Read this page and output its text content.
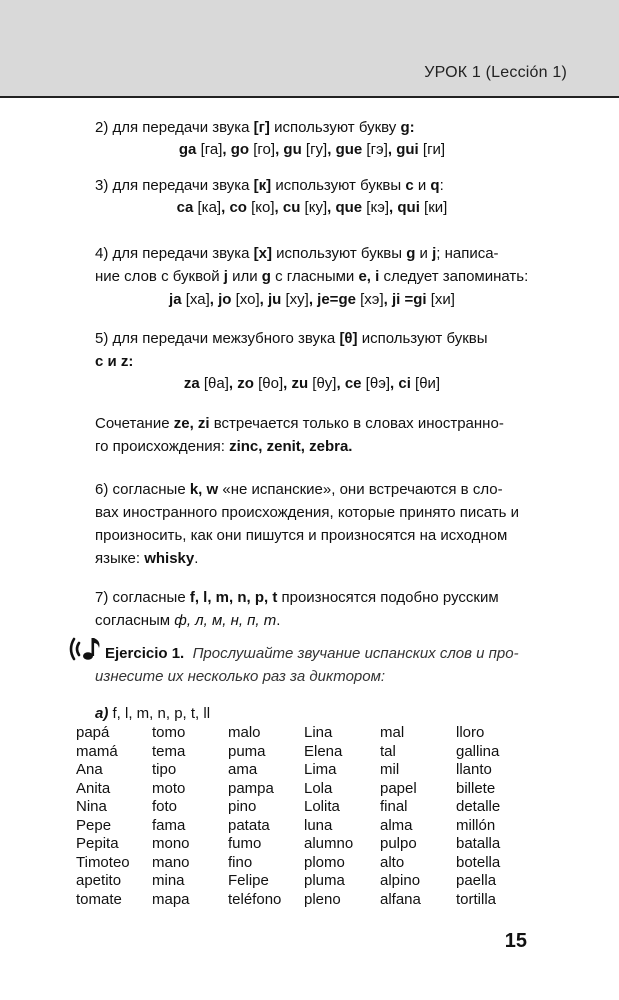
УРОК 1 (Lección 1)
2) для передачи звука [г] используют букву g:
ga [га], go [го], gu [гу], gue [гэ], gui [ги]
3) для передачи звука [к] используют буквы c и q:
ca [ка], co [ко], cu [ку], que [кэ], qui [ки]
4) для передачи звука [х] используют буквы g и j; написа-
ние слов с буквой j или g с гласными e, i следует запоминать:
ja [ха], jo [хо], ju [ху], je=ge [хэ], ji =gi [хи]
5) для передачи межзубного звука [θ] используют буквы
c и z:
za [θа], zo [θо], zu [θу], ce [θэ], ci [θи]
Сочетание ze, zi встречается только в словах иностранно-
го происхождения: zinc, zenit, zebra.
6) согласные k, w «не испанские», они встречаются в сло-
вах иностранного происхождения, которые принято писать и
произносить, как они пишутся и произносятся на исходном
языке: whisky.
7) согласные f, l, m, n, p, t произносятся подобно русским
согласным ф, л, м, н, п, т.
Ejercicio 1. Прослушайте звучание испанских слов и про-
изнесите их несколько раз за диктором:
a) f, l, m, n, p, t, ll
papá
mamá
Ana
Anita
Nina
Pepe
Pepita
Timoteo
apetito
tomate
tomo
tema
tipo
moto
foto
fama
mono
mano
mina
mapa
malo
puma
ama
pampa
pino
patata
fumo
fino
Felipe
teléfono
Lina
Elena
Lima
Lola
Lolita
luna
alumno
plomo
pluma
pleno
mal
tal
mil
papel
final
alma
pulpo
alto
alpino
alfana
lloro
gallina
llanto
billete
detalle
millón
batalla
botella
paella
tortilla
15
